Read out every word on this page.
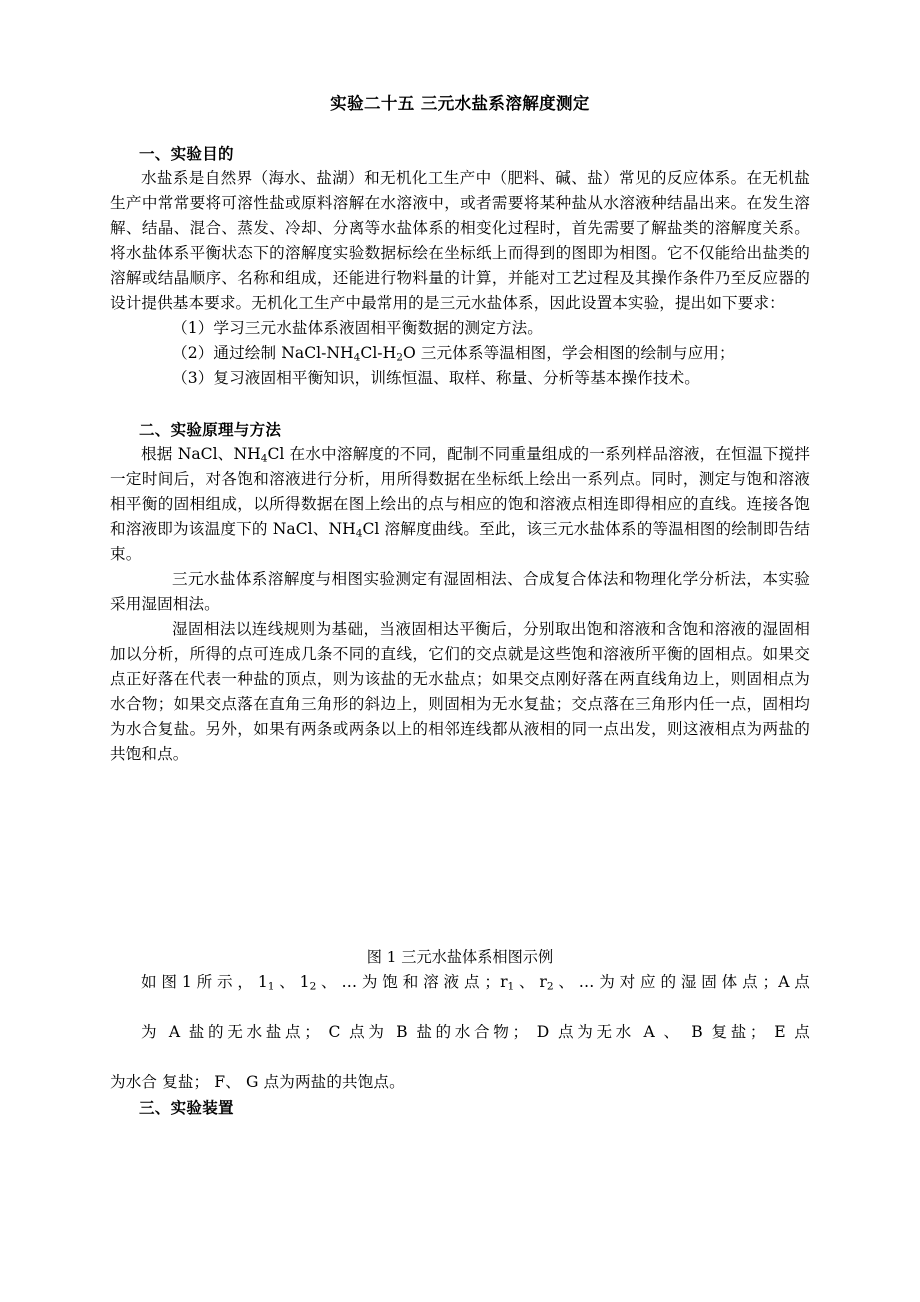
实验二十五 三元水盐系溶解度测定
一、实验目的

水盐系是自然界（海水、盐湖）和无机化工生产中（肥料、碱、盐）常见的反应体系。在无机盐生产中常常要将可溶性盐或原料溶解在水溶液中，或者需要将某种盐从水溶液种结晶出来。在发生溶解、结晶、混合、蒸发、冷却、分离等水盐体系的相变化过程时，首先需要了解盐类的溶解度关系。将水盐体系平衡状态下的溶解度实验数据标绘在坐标纸上而得到的图即为相图。它不仅能给出盐类的溶解或结晶顺序、名称和组成，还能进行物料量的计算，并能对工艺过程及其操作条件乃至反应器的设计提供基本要求。无机化工生产中最常用的是三元水盐体系，因此设置本实验，提出如下要求：

（1）学习三元水盐体系液固相平衡数据的测定方法。

（2）通过绘制 NaCl-$NH_4Cl-H_2O$ 三元体系等温相图，学会相图的绘制与应用；

（3）复习液固相平衡知识，训练恒温、取样、称量、分析等基本操作技术。

二、实验原理与方法

根据 NaCl、$NH_4Cl$ 在水中溶解度的不同，配制不同重量组成的一系列样品溶液，在恒温下搅拌一定时间后，对各饱和溶液进行分析，用所得数据在坐标纸上绘出一系列点。同时，测定与饱和溶液相平衡的固相组成，以所得数据在图上绘出的点与相应的饱和溶液点相连即得相应的直线。连接各饱和溶液即为该温度下的 NaCl、$NH_4Cl$ 溶解度曲线。至此，该三元水盐体系的等温相图的绘制即告结束。

三元水盐体系溶解度与相图实验测定有湿固相法、合成复合体法和物理化学分析法，本实验采用湿固相法。

湿固相法以连线规则为基础，当液固相达平衡后，分别取出饱和溶液和含饱和溶液的湿固相加以分析，所得的点可连成几条不同的直线，它们的交点就是这些饱和溶液所平衡的固相点。如果交点正好落在代表一种盐的顶点，则为该盐的无水盐点；如果交点刚好落在两直线角边上，则固相点为水合物；如果交点落在直角三角形的斜边上，则固相为无水复盐；交点落在三角形内任一点，固相均为水合复盐。另外，如果有两条或两条以上的相邻连线都从液相的同一点出发，则这液相点为两盐的共饱和点。

图 1 三元水盐体系相图示例

如图1所示，$1_1$、$1_2$、…为饱和溶液点；$r_1$、$r_2$、…为对应的湿固体点；A点
为 A 盐的无水盐点； C 点为 B 盐的水合物； D 点为无水 A 、 B 复盐； E 点
为水合 复盐； F、 G 点为两盐的共饱点。

三、实验装置
